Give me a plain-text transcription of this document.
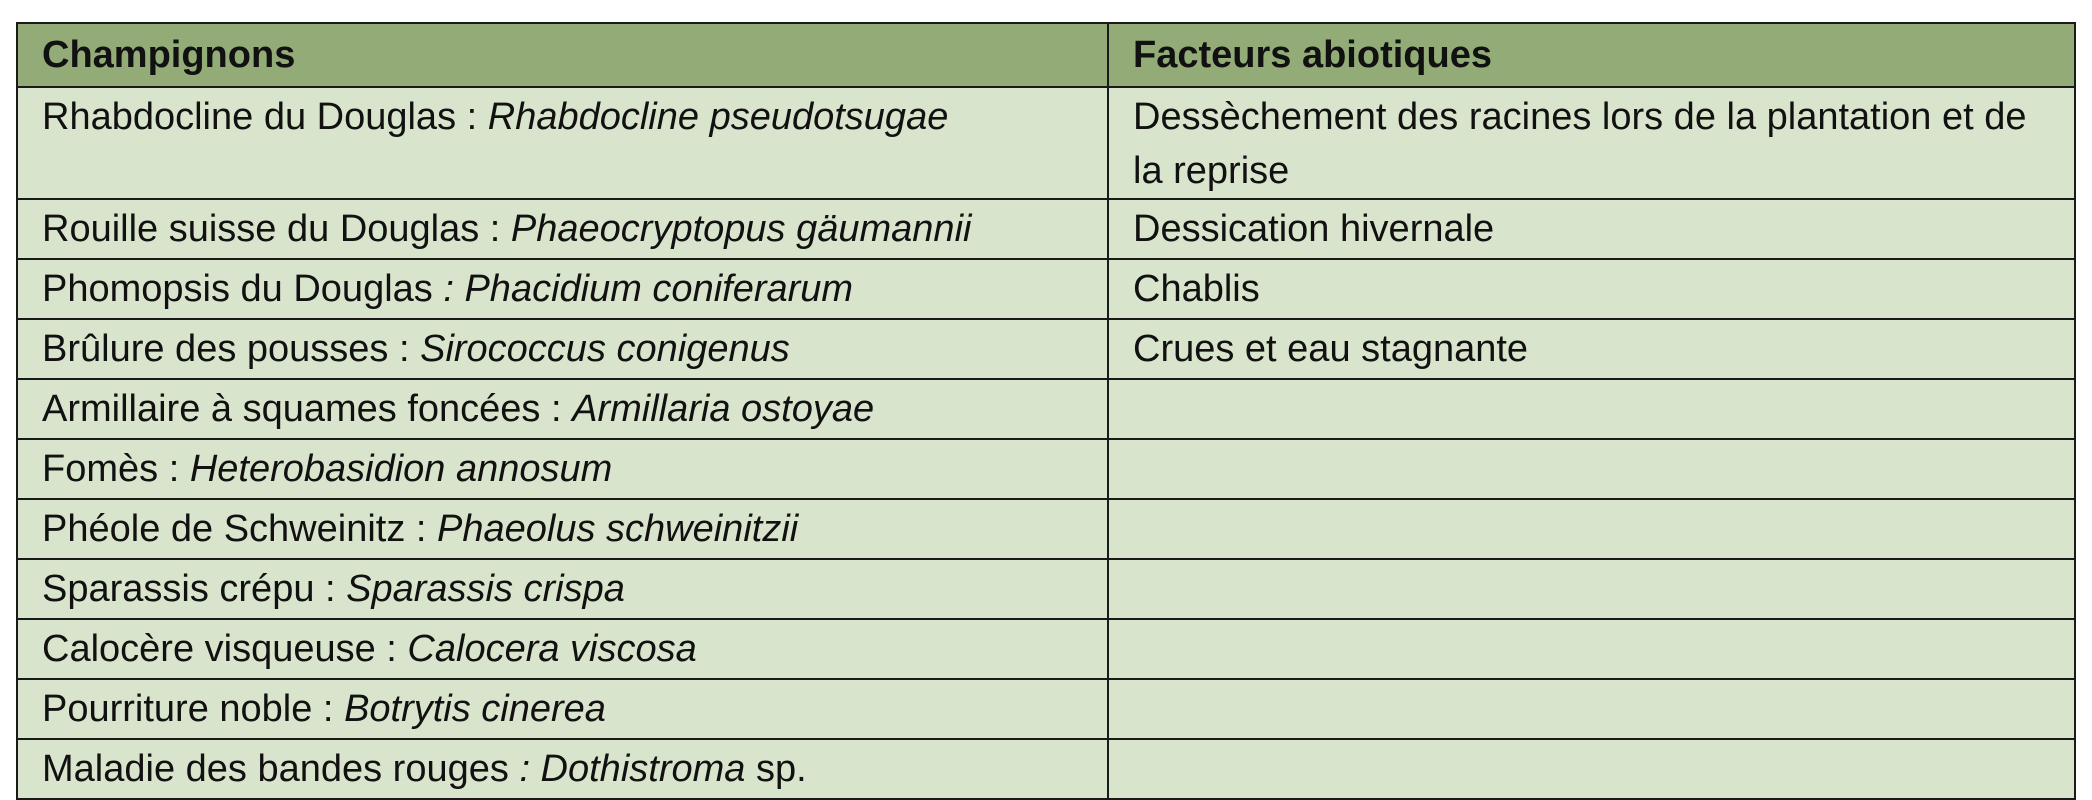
Champignons	Facteurs abiotiques
Rhabdocline du Douglas : Rhabdocline pseudotsugae	Dessèchement des racines lors de la plantation et de la reprise
Rouille suisse du Douglas : Phaeocryptopus gäumannii	Dessication hivernale
Phomopsis du Douglas : Phacidium coniferarum	Chablis
Brûlure des pousses : Sirococcus conigenus	Crues et eau stagnante
Armillaire à squames foncées : Armillaria ostoyae	
Fomès : Heterobasidion annosum	
Phéole de Schweinitz : Phaeolus schweinitzii	
Sparassis crépu : Sparassis crispa	
Calocère visqueuse : Calocera viscosa	
Pourriture noble : Botrytis cinerea	
Maladie des bandes rouges : Dothistroma sp.	
